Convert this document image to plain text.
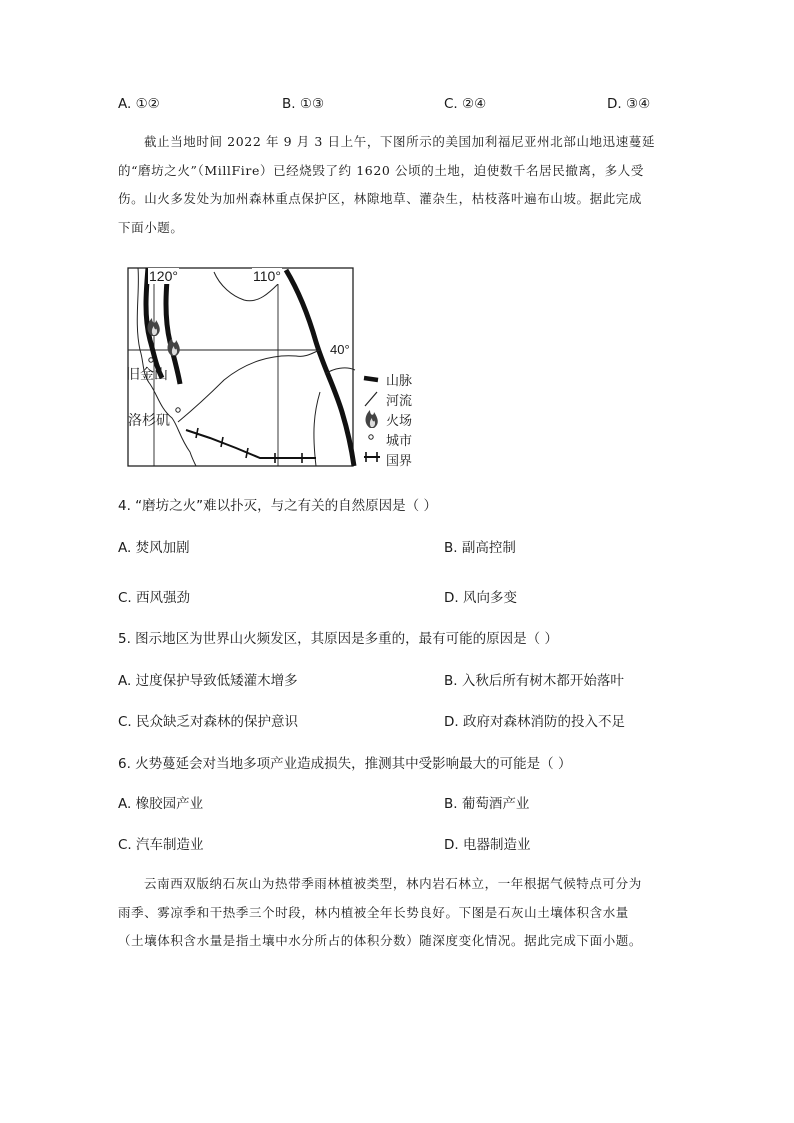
A. ①②	B. ①③	C. ②④	D. ③④
截止当地时间 2022 年 9 月 3 日上午，下图所示的美国加利福尼亚州北部山地迅速蔓延
的“磨坊之火”（MillFire）已经烧毁了约 1620 公顷的土地，迫使数千名居民撤离，多人受
伤。山火多发处为加州森林重点保护区，林隙地草、灌杂生，枯枝落叶遍布山坡。据此完成
下面小题。
120°	110°
40°
旧金山
洛杉矶
山脉
河流
火场
城市
国界
4. “磨坊之火”难以扑灭，与之有关的自然原因是（ ）
A. 焚风加剧	B. 副高控制
C. 西风强劲	D. 风向多变
5. 图示地区为世界山火频发区，其原因是多重的，最有可能的原因是（ ）
A. 过度保护导致低矮灌木增多	B. 入秋后所有树木都开始落叶
C. 民众缺乏对森林的保护意识	D. 政府对森林消防的投入不足
6. 火势蔓延会对当地多项产业造成损失，推测其中受影响最大的可能是（ ）
A. 橡胶园产业	B. 葡萄酒产业
C. 汽车制造业	D. 电器制造业
云南西双版纳石灰山为热带季雨林植被类型，林内岩石林立，一年根据气候特点可分为
雨季、雾凉季和干热季三个时段，林内植被全年长势良好。下图是石灰山土壤体积含水量
（土壤体积含水量是指土壤中水分所占的体积分数）随深度变化情况。据此完成下面小题。
